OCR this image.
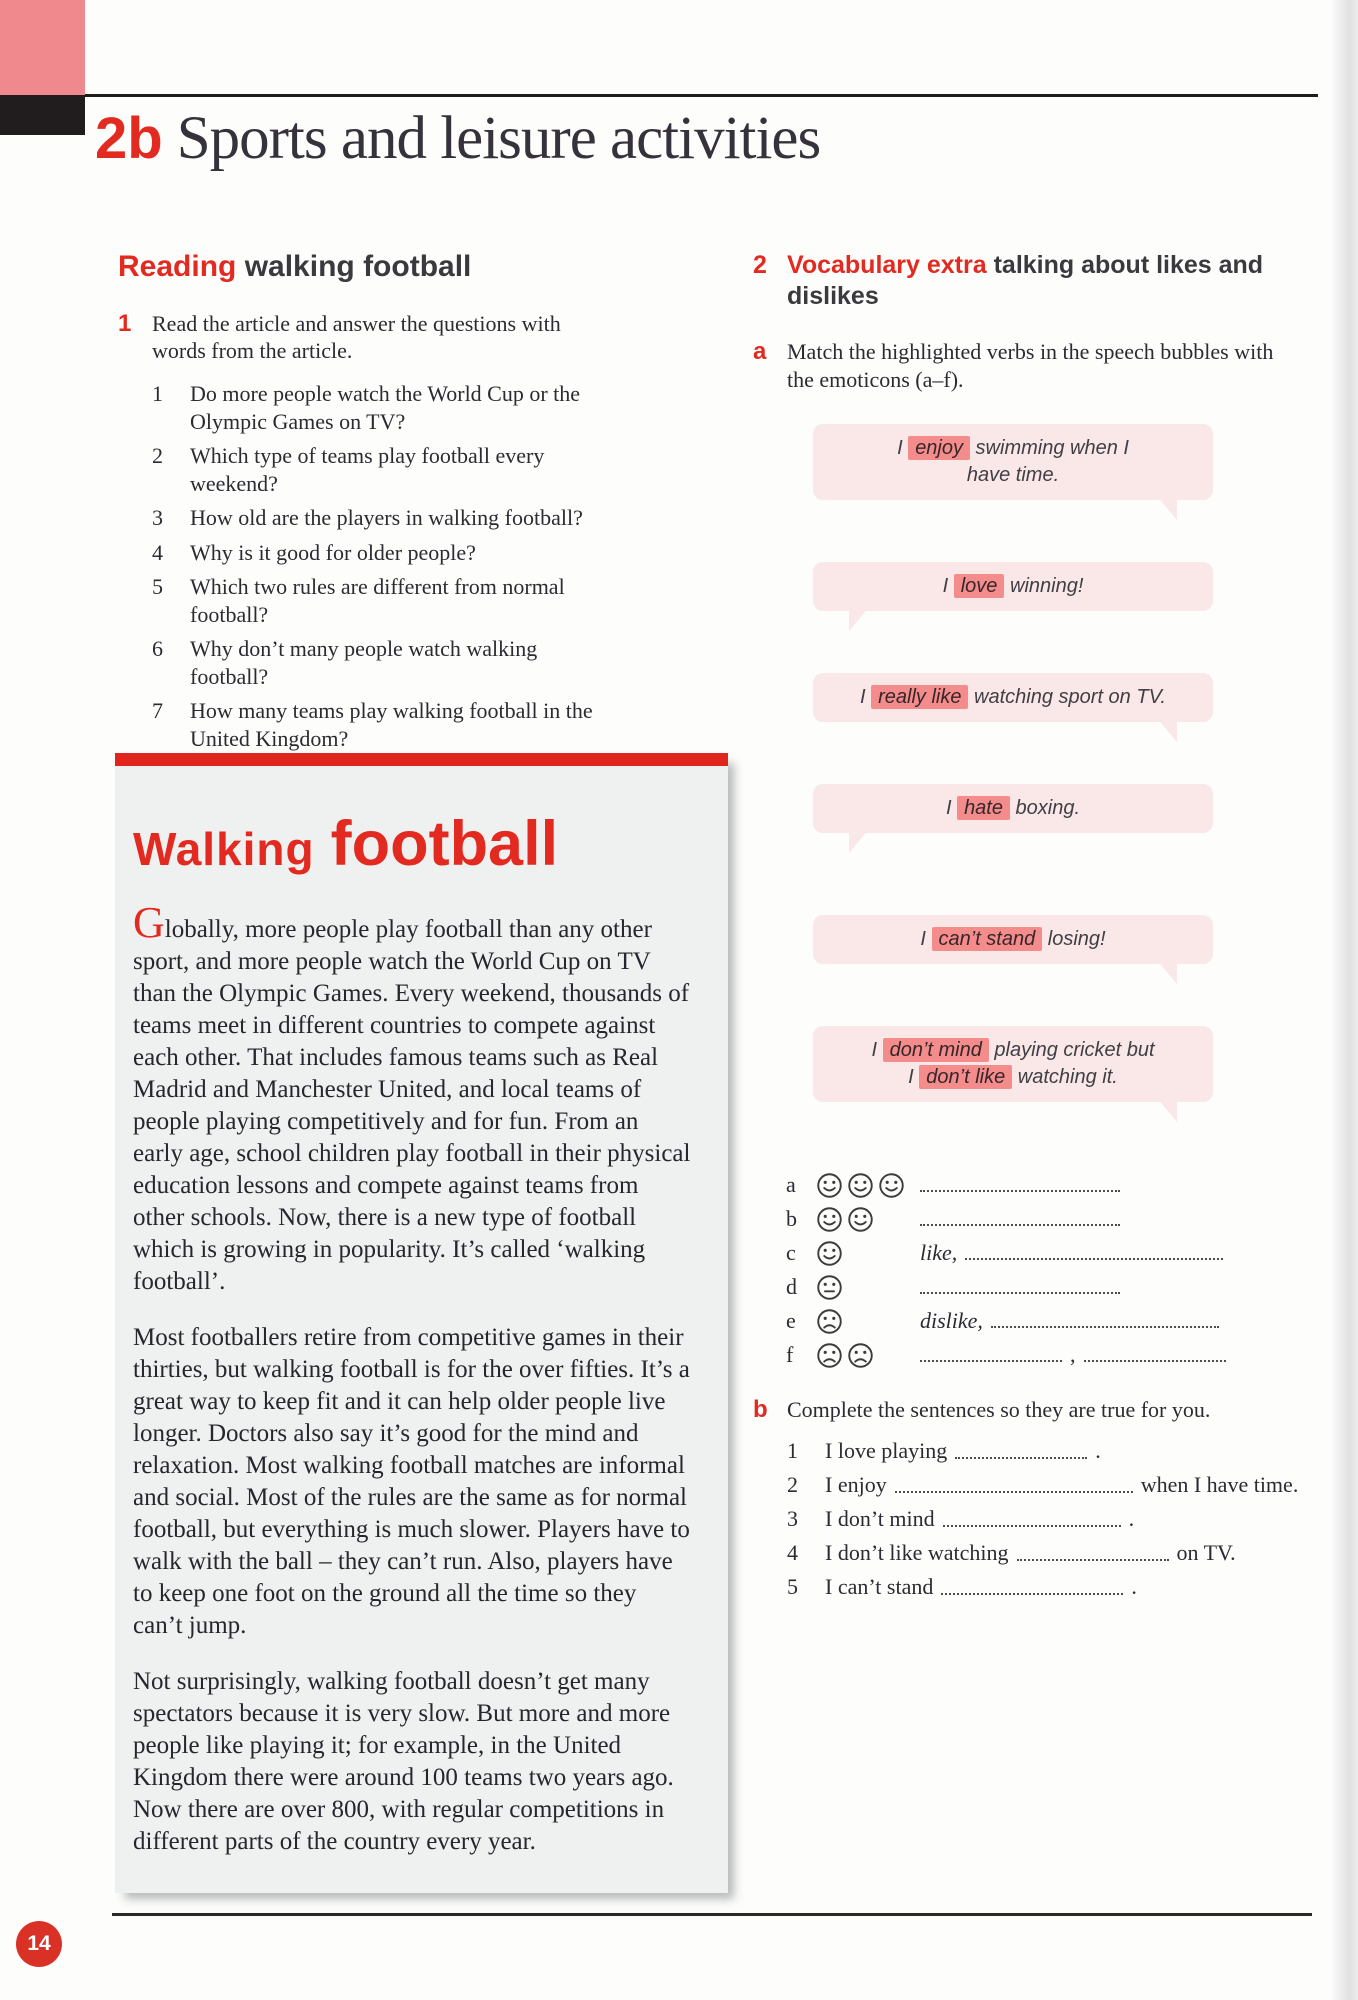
2b Sports and leisure activities
Reading walking football
1 Read the article and answer the questions with words from the article.
1	Do more people watch the World Cup or the Olympic Games on TV?
2	Which type of teams play football every weekend?
3	How old are the players in walking football?
4	Why is it good for older people?
5	Which two rules are different from normal football?
6	Why don’t many people watch walking football?
7	How many teams play walking football in the United Kingdom?
Walking football

Globally, more people play football than any other sport, and more people watch the World Cup on TV than the Olympic Games. Every weekend, thousands of teams meet in different countries to compete against each other. That includes famous teams such as Real Madrid and Manchester United, and local teams of people playing competitively and for fun. From an early age, school children play football in their physical education lessons and compete against teams from other schools. Now, there is a new type of football which is growing in popularity. It’s called ‘walking football’.

Most footballers retire from competitive games in their thirties, but walking football is for the over fifties. It’s a great way to keep fit and it can help older people live longer. Doctors also say it’s good for the mind and relaxation. Most walking football matches are informal and social. Most of the rules are the same as for normal football, but everything is much slower. Players have to walk with the ball – they can’t run. Also, players have to keep one foot on the ground all the time so they can’t jump.

Not surprisingly, walking football doesn’t get many spectators because it is very slow. But more and more people like playing it; for example, in the United Kingdom there were around 100 teams two years ago. Now there are over 800, with regular competitions in different parts of the country every year.

2 Vocabulary extra talking about likes and dislikes
a Match the highlighted verbs in the speech bubbles with the emoticons (a–f).
I enjoy swimming when I
have time.
I love winning!
I really like watching sport on TV.
I hate boxing.
I can’t stand losing!
I don’t mind playing cricket but
I don’t like watching it.
a
b
c	like,
d
e	dislike,
f	,
b Complete the sentences so they are true for you.
1	I love playing	.
2	I enjoy	when I have time.
3	I don’t mind	.
4	I don’t like watching	on TV.
5	I can’t stand	.
14
